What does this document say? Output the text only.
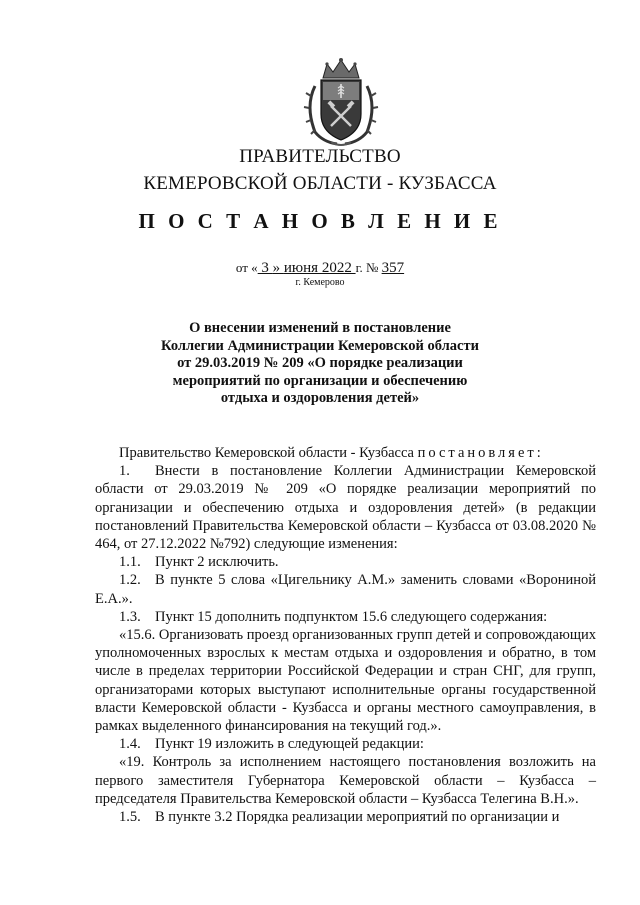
ПРАВИТЕЛЬСТВО
КЕМЕРОВСКОЙ ОБЛАСТИ - КУЗБАССА
П О С Т А Н О В Л Е Н И Е
от « 3 » июня 2022 г. № 357
г. Кемерово
О внесении изменений в постановление Коллегии Администрации Кемеровской области от 29.03.2019 № 209 «О порядке реализации мероприятий по организации и обеспечению отдыха и оздоровления детей»

Правительство Кемеровской области - Кузбасса постановляет:

1. Внести в постановление Коллегии Администрации Кемеровской области от 29.03.2019 № 209 «О порядке реализации мероприятий по организации и обеспечению отдыха и оздоровления детей» (в редакции постановлений Правительства Кемеровской области – Кузбасса от 03.08.2020 № 464, от 27.12.2022 №792) следующие изменения:

1.1. Пункт 2 исключить.

1.2. В пункте 5 слова «Цигельнику А.М.» заменить словами «Ворониной Е.А.».

1.3. Пункт 15 дополнить подпунктом 15.6 следующего содержания:

«15.6. Организовать проезд организованных групп детей и сопровождающих уполномоченных взрослых к местам отдыха и оздоровления и обратно, в том числе в пределах территории Российской Федерации и стран СНГ, для групп, организаторами которых выступают исполнительные органы государственной власти Кемеровской области - Кузбасса и органы местного самоуправления, в рамках выделенного финансирования на текущий год.».

1.4. Пункт 19 изложить в следующей редакции:

«19. Контроль за исполнением настоящего постановления возложить на первого заместителя Губернатора Кемеровской области – Кузбасса – председателя Правительства Кемеровской области – Кузбасса Телегина В.Н.».

1.5. В пункте 3.2 Порядка реализации мероприятий по организации и
